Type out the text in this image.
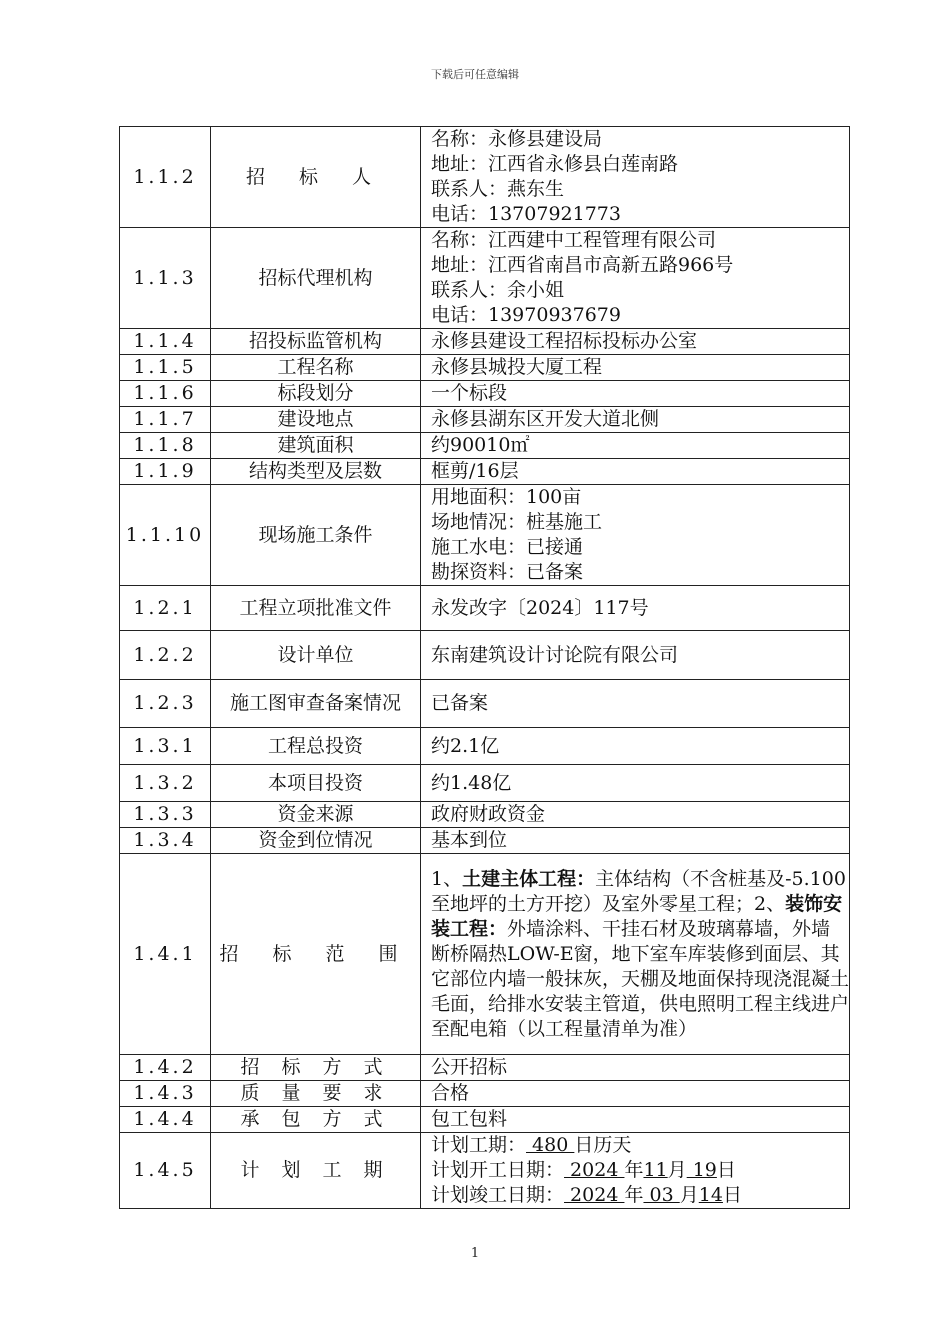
下载后可任意编辑
1.1.2	招 标 人	名称：永修县建设局
地址：江西省永修县白莲南路
联系人：燕东生
电话：13707921773

1.1.3	招标代理机构	名称：江西建中工程管理有限公司
地址：江西省南昌市高新五路966号
联系人：余小姐
电话：13970937679

1.1.4	招投标监管机构	永修县建设工程招标投标办公室
1.1.5	工程名称	永修县城投大厦工程
1.1.6	标段划分	一个标段
1.1.7	建设地点	永修县湖东区开发大道北侧
1.1.8	建筑面积	约90010㎡
1.1.9	结构类型及层数	框剪/16层
1.1.10	现场施工条件	用地面积：100亩
场地情况：桩基施工
施工水电：已接通
勘探资料：已备案

1.2.1	工程立项批准文件	永发改字〔2024〕117号
1.2.2	设计单位	东南建筑设计讨论院有限公司
1.2.3	施工图审查备案情况	已备案
1.3.1	工程总投资	约2.1亿
1.3.2	本项目投资	约1.48亿
1.3.3	资金来源	政府财政资金
1.3.4	资金到位情况	基本到位
1.4.1	招 标 范 围	1、土建主体工程：主体结构（不含桩基及-5.100至地坪的土方开挖）及室外零星工程；2、装饰安装工程：外墙涂料、干挂石材及玻璃幕墙，外墙断桥隔热LOW-E窗，地下室车库装修到面层、其它部位内墙一般抹灰，天棚及地面保持现浇混凝土毛面，给排水安装主管道，供电照明工程主线进户至配电箱（以工程量清单为准）
1.4.2	招 标 方 式	公开招标
1.4.3	质 量 要 求	合格
1.4.4	承 包 方 式	包工包料
1.4.5	计 划 工 期	计划工期： 480 日历天
计划开工日期： 2024 年11月 19日
计划竣工日期： 2024 年 03 月14日
1
